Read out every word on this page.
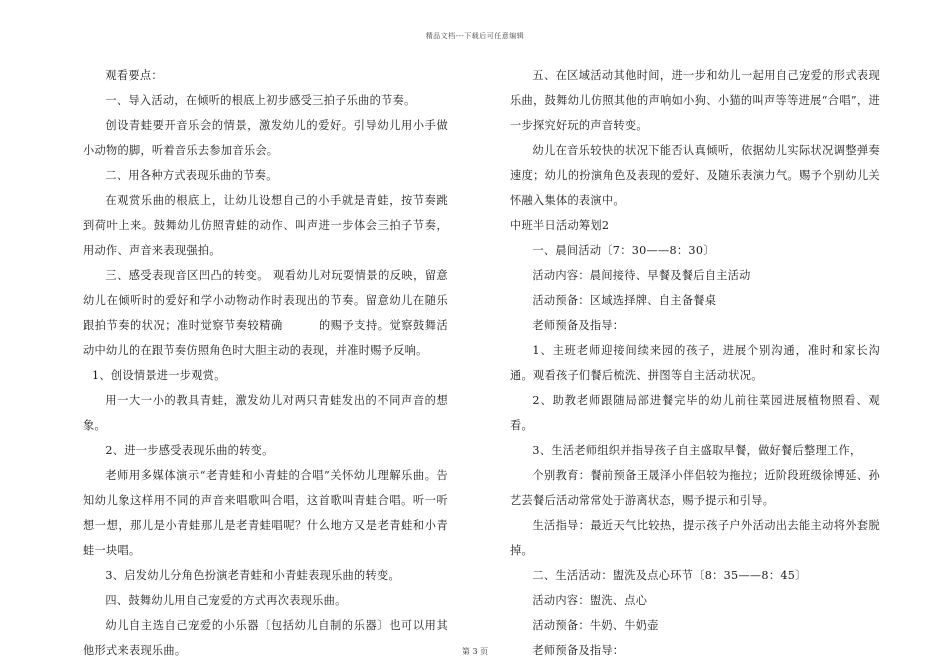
精品文档---下载后可任意编辑

观看要点：

一、导入活动，在倾听的根底上初步感受三拍子乐曲的节奏。

创设青蛙要开音乐会的情景，激发幼儿的爱好。引导幼儿用小手做小动物的脚，听着音乐去参加音乐会。

二、用各种方式表现乐曲的节奏。

在观赏乐曲的根底上，让幼儿设想自己的小手就是青蛙，按节奏跳到荷叶上来。鼓舞幼儿仿照青蛙的动作、叫声进一步体会三拍子节奏，用动作、声音来表现强拍。

三、感受表现音区凹凸的转变。 观看幼儿对玩耍情景的反映，留意幼儿在倾听时的爱好和学小动物动作时表现出的节奏。留意幼儿在随乐跟拍节奏的状况；准时觉察节奏较精确	的赐予支持。觉察鼓舞活动中幼儿的在跟节奏仿照角色时大胆主动的表现，并准时赐予反响。

1、创设情景进一步观赏。

用一大一小的教具青蛙，激发幼儿对两只青蛙发出的不同声音的想象。

2、进一步感受表现乐曲的转变。

老师用多媒体演示“老青蛙和小青蛙的合唱”关怀幼儿理解乐曲。告知幼儿象这样用不同的声音来唱歌叫合唱，这首歌叫青蛙合唱。听一听想一想，那儿是小青蛙那儿是老青蛙唱呢？什么地方又是老青蛙和小青蛙一块唱。

3、启发幼儿分角色扮演老青蛙和小青蛙表现乐曲的转变。

四、鼓舞幼儿用自己宠爱的方式再次表现乐曲。

幼儿自主选自己宠爱的小乐器〔包括幼儿自制的乐器〕也可以用其他形式来表现乐曲。

五、在区域活动其他时间，进一步和幼儿一起用自己宠爱的形式表现乐曲，鼓舞幼儿仿照其他的声响如小狗、小猫的叫声等等进展“合唱”，进一步探究好玩的声音转变。

幼儿在音乐较快的状况下能否认真倾听，依据幼儿实际状况调整弹奏速度；幼儿的扮演角色及表现的爱好、及随乐表演力气。赐予个别幼儿关怀融入集体的表演中。

中班半日活动筹划2

一、晨间活动〔7：30——8：30〕

活动内容：晨间接待、早餐及餐后自主活动

活动预备：区域选择牌、自主备餐桌

老师预备及指导：

1、主班老师迎接间续来园的孩子，进展个别沟通，准时和家长沟通。观看孩子们餐后梳洗、拼图等自主活动状况。

2、助教老师跟随局部进餐完毕的幼儿前往菜园进展植物照看、观看。

3、生活老师组织并指导孩子自主盛取早餐，做好餐后整理工作，

个别教育：餐前预备王晟泽小伴侣较为拖拉；近阶段班级徐博延、孙艺芸餐后活动常常处于游离状态，赐予提示和引导。

生活指导：最近天气比较热，提示孩子户外活动出去能主动将外套脱掉。

二、生活活动：盥洗及点心环节〔8：35——8：45〕

活动内容：盥洗、点心

活动预备：牛奶、牛奶壶

老师预备及指导：

第 3 页
